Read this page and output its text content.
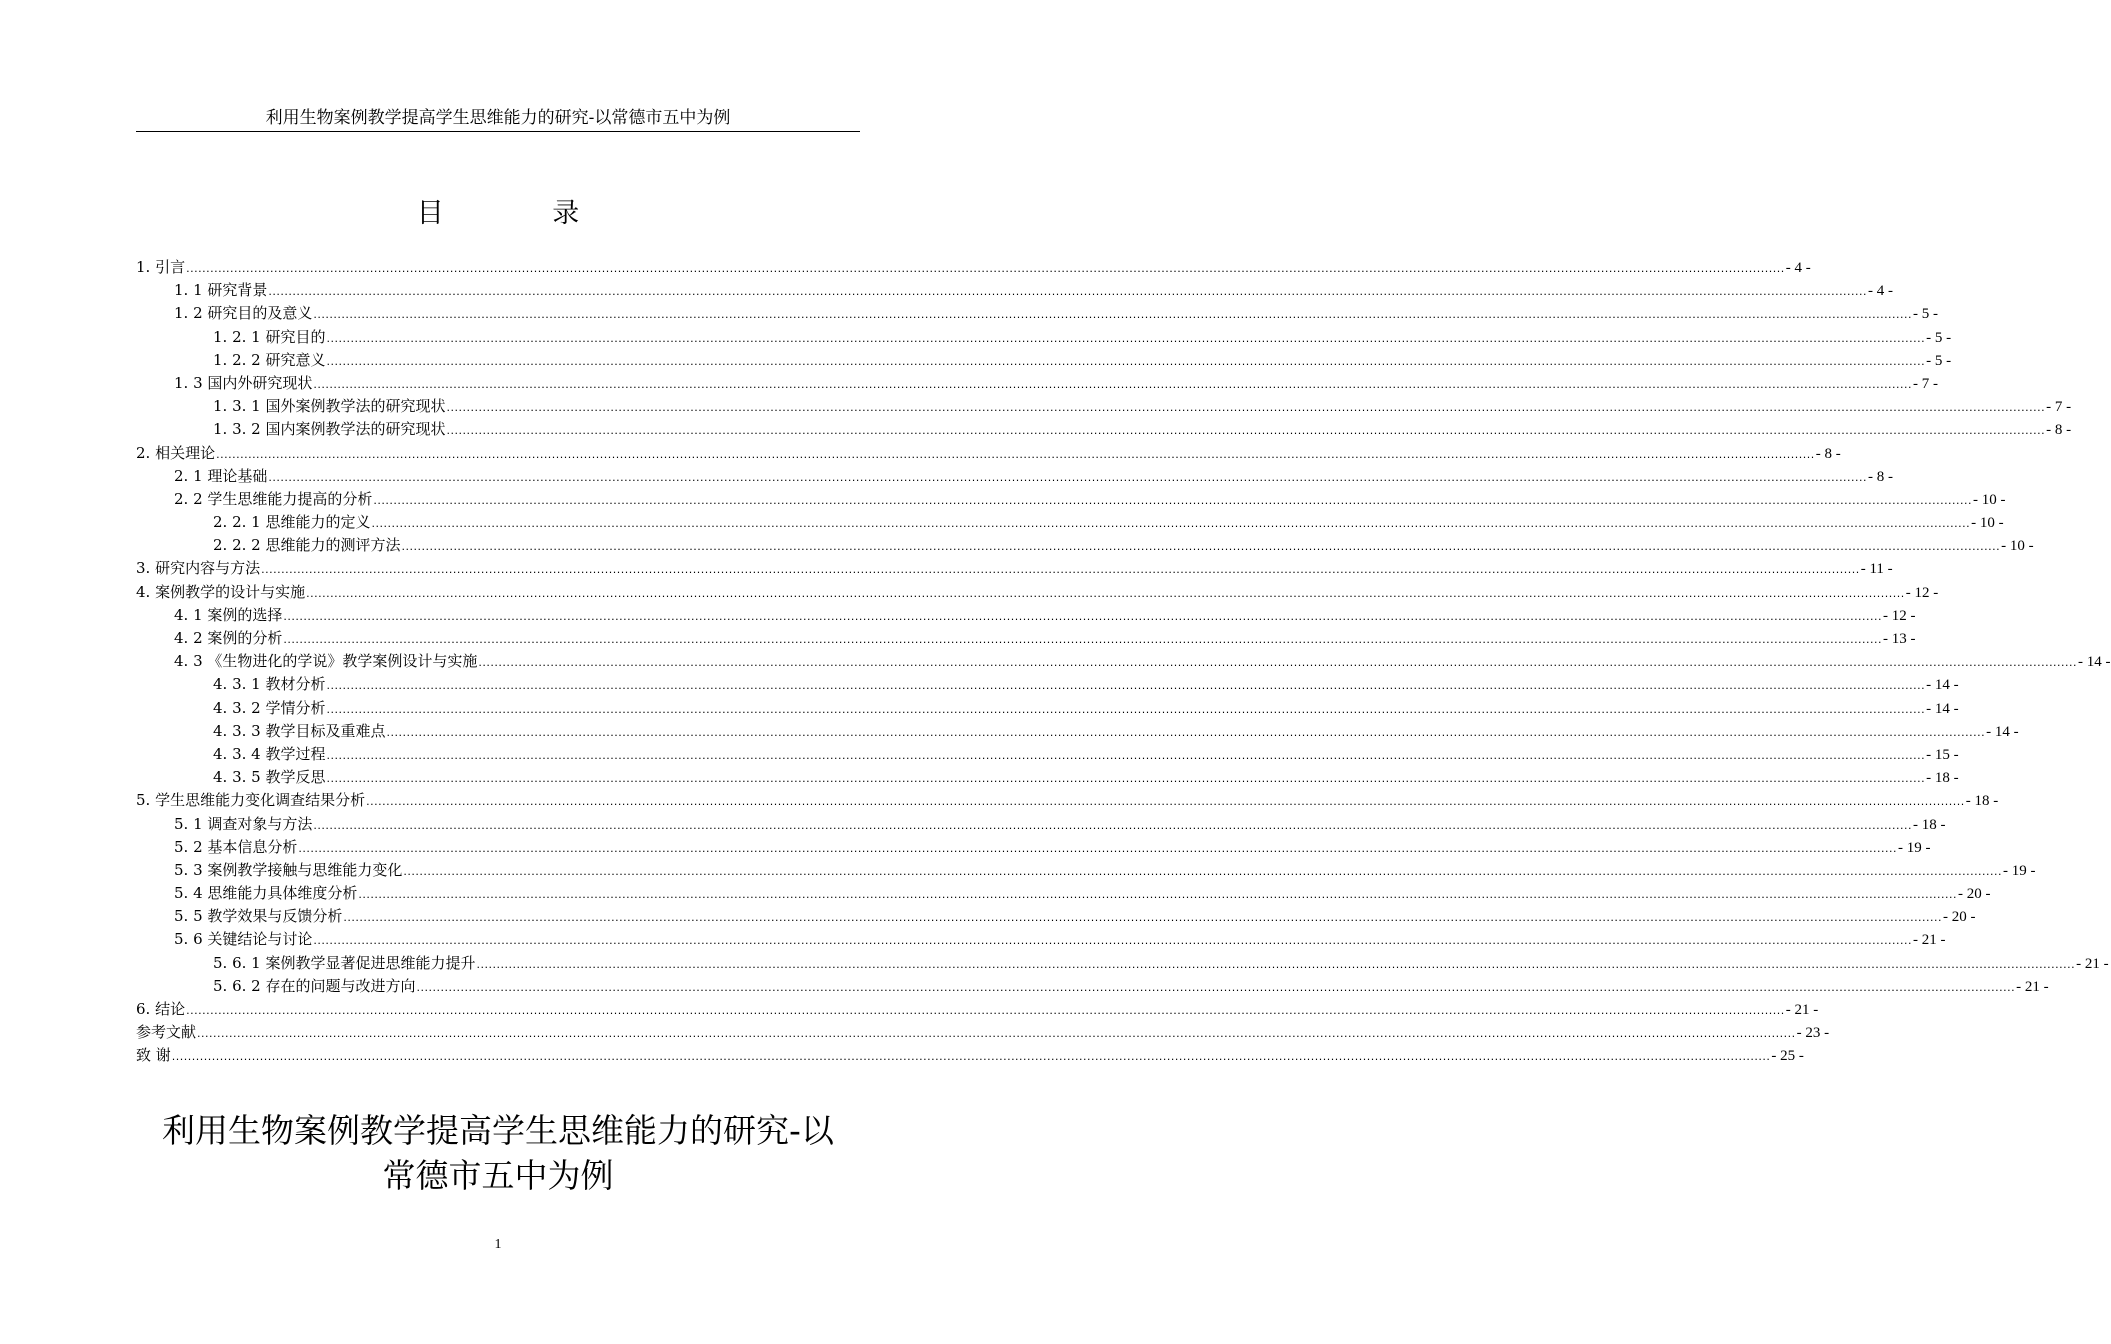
利用生物案例教学提高学生思维能力的研究-以常德市五中为例
目 录
1. 引言 ................................................................................................................................................................................................................................................................................................................................................................................................................ - 4 -
1. 1 研究背景 ................................................................................................................................................................................................................................................................................................................................................................................................................ - 4 -
1. 2 研究目的及意义 ................................................................................................................................................................................................................................................................................................................................................................................................................ - 5 -
1. 2. 1 研究目的 ................................................................................................................................................................................................................................................................................................................................................................................................................ - 5 -
1. 2. 2 研究意义 ................................................................................................................................................................................................................................................................................................................................................................................................................ - 5 -
1. 3 国内外研究现状 ................................................................................................................................................................................................................................................................................................................................................................................................................ - 7 -
1. 3. 1 国外案例教学法的研究现状 ................................................................................................................................................................................................................................................................................................................................................................................................................ - 7 -
1. 3. 2 国内案例教学法的研究现状 ................................................................................................................................................................................................................................................................................................................................................................................................................ - 8 -
2. 相关理论 ................................................................................................................................................................................................................................................................................................................................................................................................................ - 8 -
2. 1 理论基础 ................................................................................................................................................................................................................................................................................................................................................................................................................ - 8 -
2. 2 学生思维能力提高的分析 ................................................................................................................................................................................................................................................................................................................................................................................................................ - 10 -
2. 2. 1 思维能力的定义 ................................................................................................................................................................................................................................................................................................................................................................................................................ - 10 -
2. 2. 2 思维能力的测评方法 ................................................................................................................................................................................................................................................................................................................................................................................................................ - 10 -
3. 研究内容与方法 ................................................................................................................................................................................................................................................................................................................................................................................................................ - 11 -
4. 案例教学的设计与实施 ................................................................................................................................................................................................................................................................................................................................................................................................................ - 12 -
4. 1 案例的选择 ................................................................................................................................................................................................................................................................................................................................................................................................................ - 12 -
4. 2 案例的分析 ................................................................................................................................................................................................................................................................................................................................................................................................................ - 13 -
4. 3 《生物进化的学说》教学案例设计与实施 ................................................................................................................................................................................................................................................................................................................................................................................................................ - 14 -
4. 3. 1 教材分析 ................................................................................................................................................................................................................................................................................................................................................................................................................ - 14 -
4. 3. 2 学情分析 ................................................................................................................................................................................................................................................................................................................................................................................................................ - 14 -
4. 3. 3 教学目标及重难点 ................................................................................................................................................................................................................................................................................................................................................................................................................ - 14 -
4. 3. 4 教学过程 ................................................................................................................................................................................................................................................................................................................................................................................................................ - 15 -
4. 3. 5 教学反思 ................................................................................................................................................................................................................................................................................................................................................................................................................ - 18 -
5. 学生思维能力变化调查结果分析 ................................................................................................................................................................................................................................................................................................................................................................................................................ - 18 -
5. 1 调查对象与方法 ................................................................................................................................................................................................................................................................................................................................................................................................................ - 18 -
5. 2 基本信息分析 ................................................................................................................................................................................................................................................................................................................................................................................................................ - 19 -
5. 3 案例教学接触与思维能力变化 ................................................................................................................................................................................................................................................................................................................................................................................................................ - 19 -
5. 4 思维能力具体维度分析 ................................................................................................................................................................................................................................................................................................................................................................................................................ - 20 -
5. 5 教学效果与反馈分析 ................................................................................................................................................................................................................................................................................................................................................................................................................ - 20 -
5. 6 关键结论与讨论 ................................................................................................................................................................................................................................................................................................................................................................................................................ - 21 -
5. 6. 1 案例教学显著促进思维能力提升 ................................................................................................................................................................................................................................................................................................................................................................................................................ - 21 -
5. 6. 2 存在的问题与改进方向 ................................................................................................................................................................................................................................................................................................................................................................................................................ - 21 -
6. 结论 ................................................................................................................................................................................................................................................................................................................................................................................................................ - 21 -
参考文献 ................................................................................................................................................................................................................................................................................................................................................................................................................ - 23 -
致 谢 ................................................................................................................................................................................................................................................................................................................................................................................................................ - 25 -
利用生物案例教学提高学生思维能力的研究-以
常德市五中为例
1
